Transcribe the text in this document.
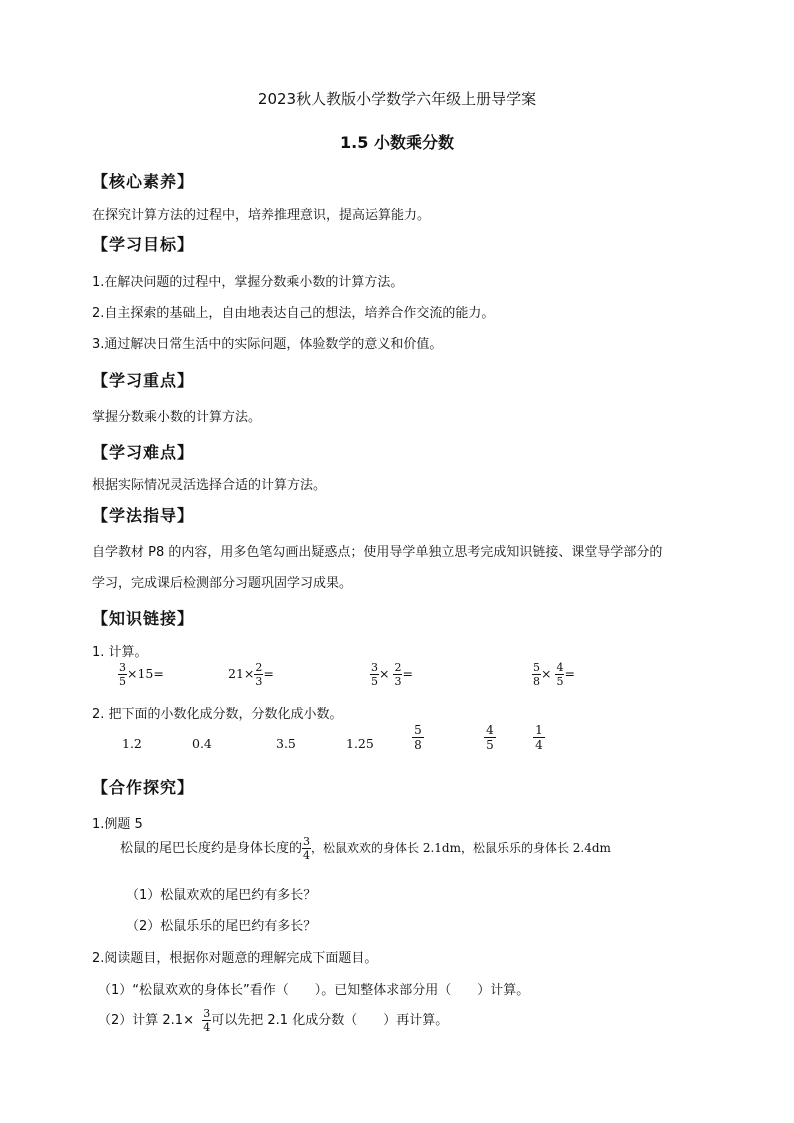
2023秋人教版小学数学六年级上册导学案
1.5 小数乘分数
【核心素养】
在探究计算方法的过程中，培养推理意识，提高运算能力。
【学习目标】
1.在解决问题的过程中，掌握分数乘小数的计算方法。
2.自主探索的基础上，自由地表达自己的想法，培养合作交流的能力。
3.通过解决日常生活中的实际问题，体验数学的意义和价值。
【学习重点】
掌握分数乘小数的计算方法。
【学习难点】
根据实际情况灵活选择合适的计算方法。
【学法指导】
自学教材 P8 的内容，用多色笔勾画出疑惑点；使用导学单独立思考完成知识链接、课堂导学部分的
学习，完成课后检测部分习题巩固学习成果。
【知识链接】
1. 计算。
$\frac{3}{5} \times 15=$	$21\times \frac{2}{3}$ =	$\frac{3}{5} \times \frac{2}{3}$ =	$\frac{5}{8} \times \frac{4}{5}$ =
2. 把下面的小数化成分数，分数化成小数。
1.2	0.4	3.5	1.25	$\frac{5}{8}$	$\frac{4}{5}$	$\frac{1}{4}$
【合作探究】
1.例题 5
松鼠的尾巴长度约是身体长度的 $\frac{3}{4}$ ，松鼠欢欢的身体长 2.1dm，松鼠乐乐的身体长 2.4dm
（1）松鼠欢欢的尾巴约有多长？
（2）松鼠乐乐的尾巴约有多长？
2.阅读题目，根据你对题意的理解完成下面题目。
（1）“松鼠欢欢的身体长”看作（　　）。已知整体求部分用（　　）计算。
（2）计算 $2.1\times \frac{3}{4}$ 可以先把 2.1 化成分数（　　）再计算。
